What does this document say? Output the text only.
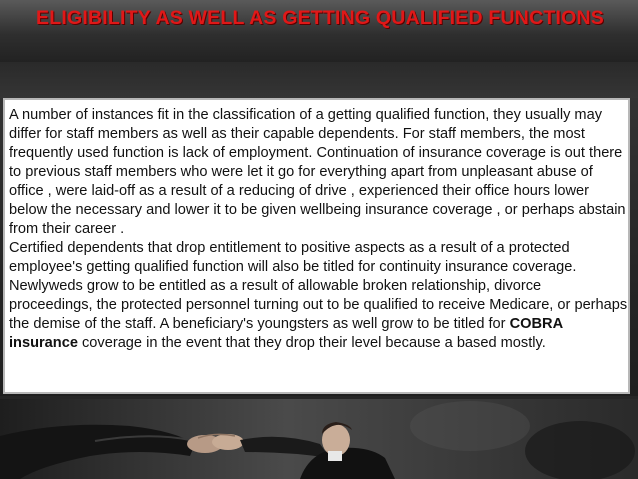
ELIGIBILITY AS WELL AS GETTING QUALIFIED FUNCTIONS

A number of instances fit in the classification of a getting qualified function, they usually may differ for staff members as well as their capable dependents. For staff members, the most frequently used function is lack of employment. Continuation of insurance coverage is out there to previous staff members who were let it go for everything apart from unpleasant abuse of office , were laid-off as a result of a reducing of drive , experienced their office hours lower below the necessary and lower it to be given wellbeing insurance coverage , or perhaps abstain from their career .

Certified dependents that drop entitlement to positive aspects as a result of a protected employee's getting qualified function will also be titled for continuity insurance coverage. Newlyweds grow to be entitled as a result of allowable broken relationship, divorce proceedings, the protected personnel turning out to be qualified to receive Medicare, or perhaps the demise of the staff. A beneficiary's youngsters as well grow to be titled for COBRA insurance coverage in the event that they drop their level because a based mostly.
